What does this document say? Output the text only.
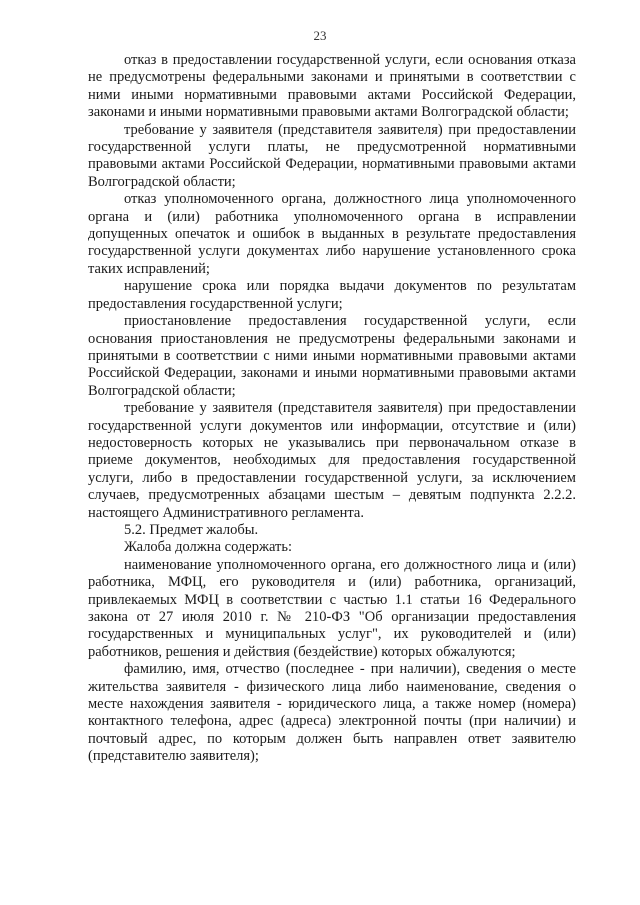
23

отказ в предоставлении государственной услуги, если основания отказа не предусмотрены федеральными законами и принятыми в соответствии с ними иными нормативными правовыми актами Российской Федерации, законами и иными нормативными правовыми актами Волгоградской области;

требование у заявителя (представителя заявителя) при предоставлении государственной услуги платы, не предусмотренной нормативными правовыми актами Российской Федерации, нормативными правовыми актами Волгоградской области;

отказ уполномоченного органа, должностного лица уполномоченного органа и (или) работника уполномоченного органа в исправлении допущенных опечаток и ошибок в выданных в результате предоставления государственной услуги документах либо нарушение установленного срока таких исправлений;

нарушение срока или порядка выдачи документов по результатам предоставления государственной услуги;

приостановление предоставления государственной услуги, если основания приостановления не предусмотрены федеральными законами и принятыми в соответствии с ними иными нормативными правовыми актами Российской Федерации, законами и иными нормативными правовыми актами Волгоградской области;

требование у заявителя (представителя заявителя) при предоставлении государственной услуги документов или информации, отсутствие и (или) недостоверность которых не указывались при первоначальном отказе в приеме документов, необходимых для предоставления государственной услуги, либо в предоставлении государственной услуги, за исключением случаев, предусмотренных абзацами шестым – девятым подпункта 2.2.2. настоящего Административного регламента.

5.2. Предмет жалобы.

Жалоба должна содержать:

наименование уполномоченного органа, его должностного лица и (или) работника, МФЦ, его руководителя и (или) работника, организаций, привлекаемых МФЦ в соответствии с частью 1.1 статьи 16 Федерального закона от 27 июля 2010 г. № 210-ФЗ "Об организации предоставления государственных и муниципальных услуг", их руководителей и (или) работников, решения и действия (бездействие) которых обжалуются;

фамилию, имя, отчество (последнее - при наличии), сведения о месте жительства заявителя - физического лица либо наименование, сведения о месте нахождения заявителя - юридического лица, а также номер (номера) контактного телефона, адрес (адреса) электронной почты (при наличии) и почтовый адрес, по которым должен быть направлен ответ заявителю (представителю заявителя);
